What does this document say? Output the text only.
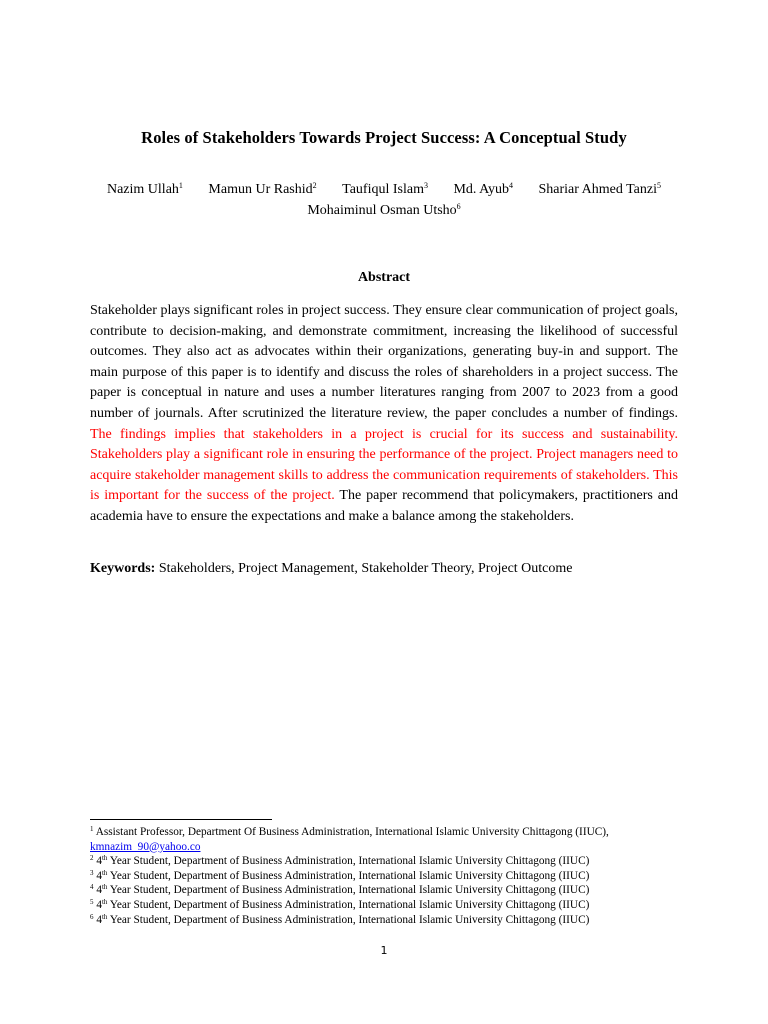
Roles of Stakeholders Towards Project Success: A Conceptual Study
Nazim Ullah$^1$ Mamun Ur Rashid$^2$ Taufiqul Islam$^3$ Md. Ayub$^4$ Shariar Ahmed Tanzi$^5$
Mohaiminul Osman Utsho$^6$
Abstract
Stakeholder plays significant roles in project success. They ensure clear communication of project goals, contribute to decision-making, and demonstrate commitment, increasing the likelihood of successful outcomes. They also act as advocates within their organizations, generating buy-in and support. The main purpose of this paper is to identify and discuss the roles of shareholders in a project success. The paper is conceptual in nature and uses a number literatures ranging from 2007 to 2023 from a good number of journals. After scrutinized the literature review, the paper concludes a number of findings. The findings implies that stakeholders in a project is crucial for its success and sustainability. Stakeholders play a significant role in ensuring the performance of the project. Project managers need to acquire stakeholder management skills to address the communication requirements of stakeholders. This is important for the success of the project. The paper recommend that policymakers, practitioners and academia have to ensure the expectations and make a balance among the stakeholders.
Keywords: Stakeholders, Project Management, Stakeholder Theory, Project Outcome
$^1$ Assistant Professor, Department Of Business Administration, International Islamic University Chittagong (IIUC),
kmnazim_90@yahoo.co
$^2$ 4th Year Student, Department of Business Administration, International Islamic University Chittagong (IIUC)
$^3$ 4th Year Student, Department of Business Administration, International Islamic University Chittagong (IIUC)
$^4$ 4th Year Student, Department of Business Administration, International Islamic University Chittagong (IIUC)
$^5$ 4th Year Student, Department of Business Administration, International Islamic University Chittagong (IIUC)
$^6$ 4th Year Student, Department of Business Administration, International Islamic University Chittagong (IIUC)
1
